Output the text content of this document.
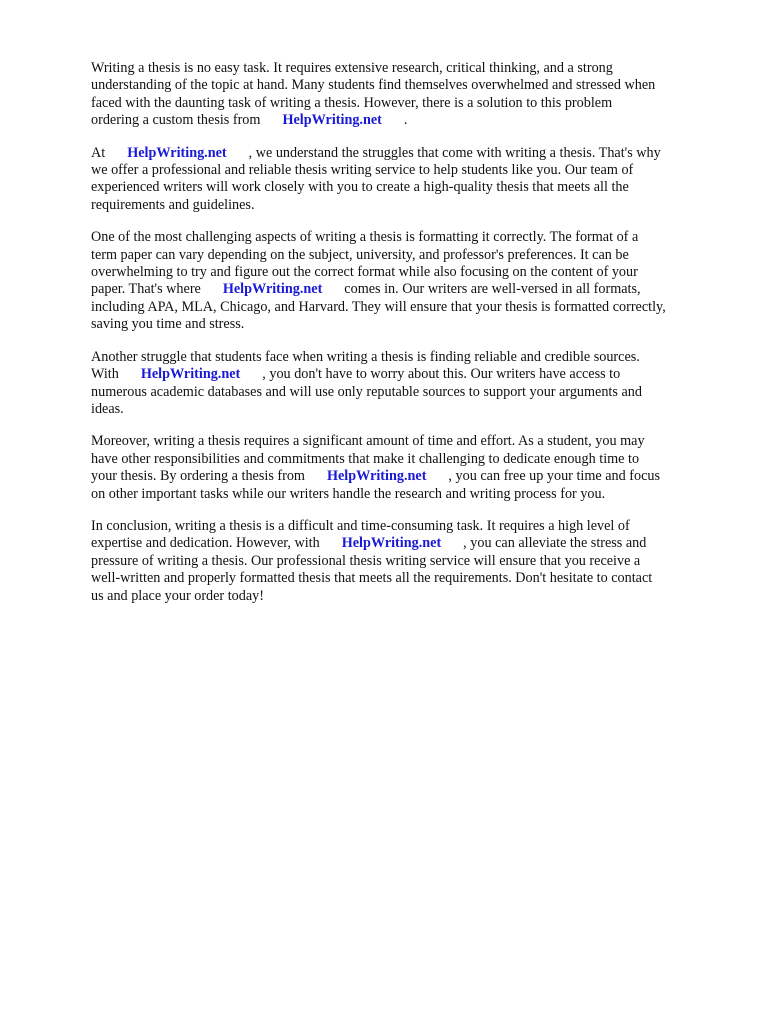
Writing a thesis is no easy task. It requires extensive research, critical thinking, and a strong
understanding of the topic at hand. Many students find themselves overwhelmed and stressed when
faced with the daunting task of writing a thesis. However, there is a solution to this problem
ordering a custom thesis from HelpWriting.net .

At HelpWriting.net , we understand the struggles that come with writing a thesis. That's why
we offer a professional and reliable thesis writing service to help students like you. Our team of
experienced writers will work closely with you to create a high-quality thesis that meets all the
requirements and guidelines.

One of the most challenging aspects of writing a thesis is formatting it correctly. The format of a
term paper can vary depending on the subject, university, and professor's preferences. It can be
overwhelming to try and figure out the correct format while also focusing on the content of your
paper. That's where HelpWriting.net comes in. Our writers are well-versed in all formats,
including APA, MLA, Chicago, and Harvard. They will ensure that your thesis is formatted correctly,
saving you time and stress.

Another struggle that students face when writing a thesis is finding reliable and credible sources.
With HelpWriting.net , you don't have to worry about this. Our writers have access to
numerous academic databases and will use only reputable sources to support your arguments and
ideas.

Moreover, writing a thesis requires a significant amount of time and effort. As a student, you may
have other responsibilities and commitments that make it challenging to dedicate enough time to
your thesis. By ordering a thesis from HelpWriting.net , you can free up your time and focus
on other important tasks while our writers handle the research and writing process for you.

In conclusion, writing a thesis is a difficult and time-consuming task. It requires a high level of
expertise and dedication. However, with HelpWriting.net , you can alleviate the stress and
pressure of writing a thesis. Our professional thesis writing service will ensure that you receive a
well-written and properly formatted thesis that meets all the requirements. Don't hesitate to contact
us and place your order today!
